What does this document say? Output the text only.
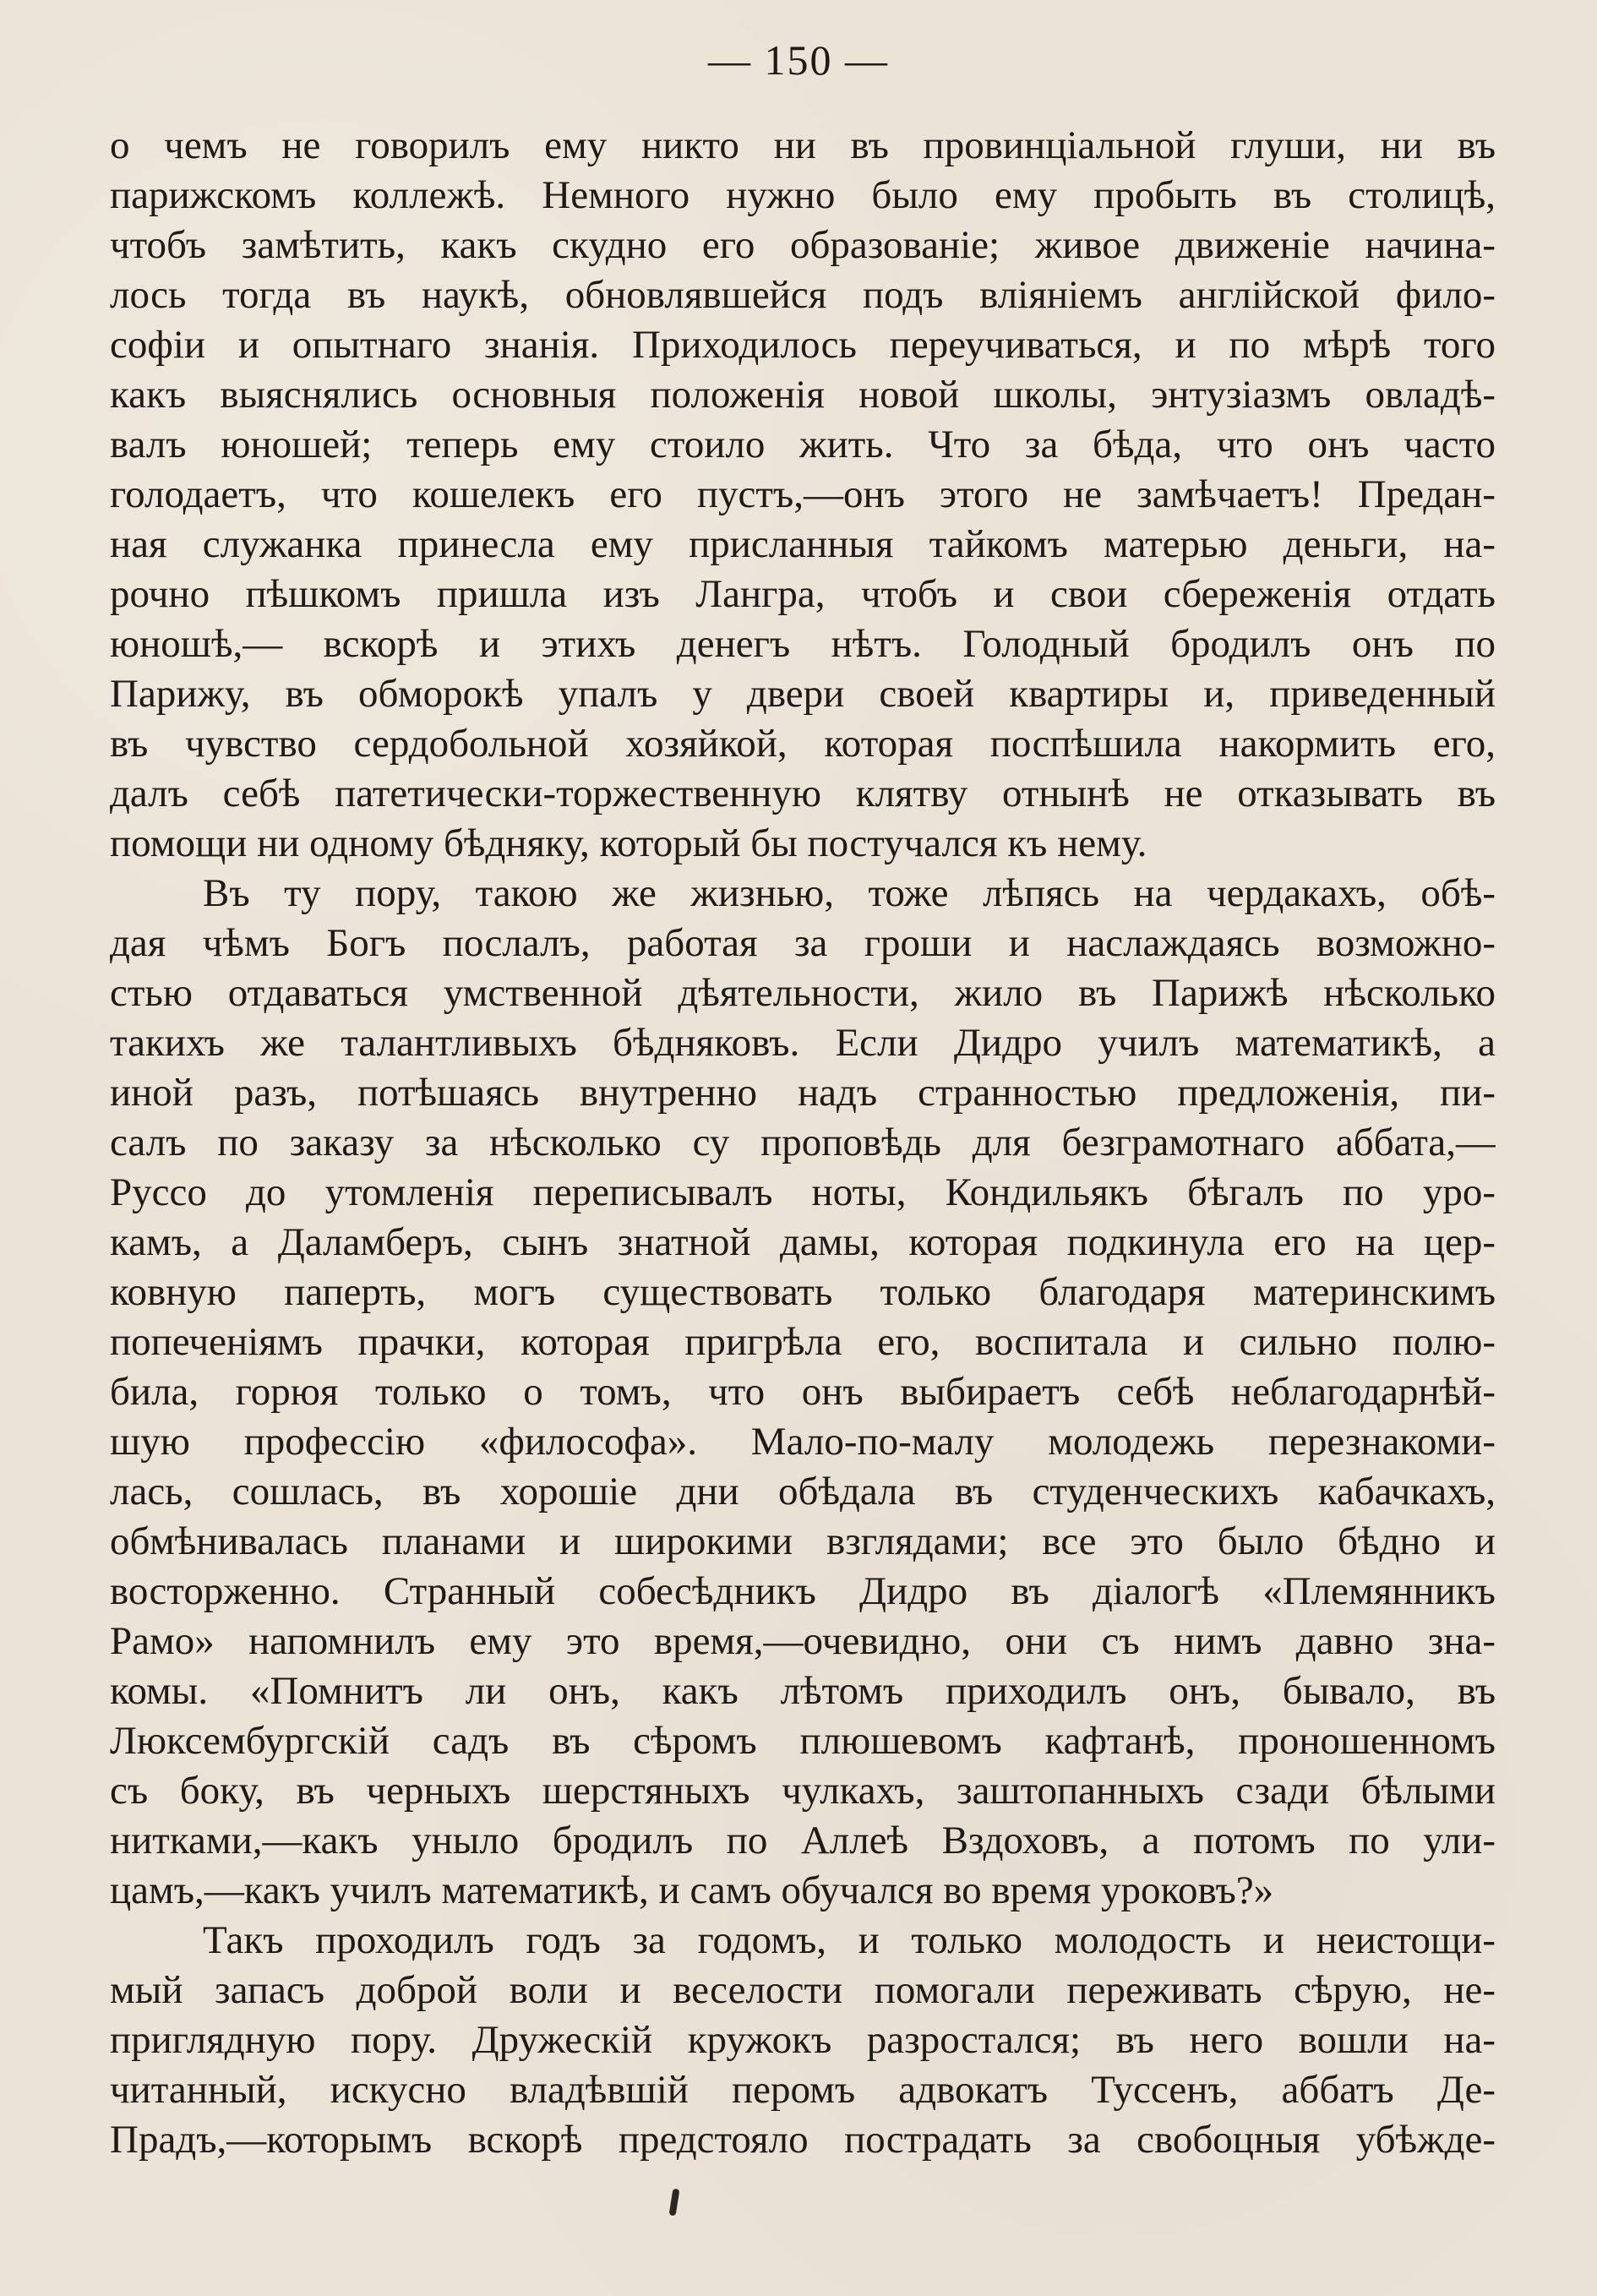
— 150 —

о чемъ не говорилъ ему никто ни въ провинціальной глуши, ни въ
парижскомъ коллежѣ. Немного нужно было ему пробыть въ столицѣ,
чтобъ замѣтить, какъ скудно его образованіе; живое движеніе начина-
лось тогда въ наукѣ, обновлявшейся подъ вліяніемъ англійской фило-
софіи и опытнаго знанія. Приходилось переучиваться, и по мѣрѣ того
какъ выяснялись основныя положенія новой школы, энтузіазмъ овладѣ-
валъ юношей; теперь ему стоило жить. Что за бѣда, что онъ часто
голодаетъ, что кошелекъ его пустъ,—онъ этого не замѣчаетъ! Предан-
ная служанка принесла ему присланныя тайкомъ матерью деньги, на-
рочно пѣшкомъ пришла изъ Лангра, чтобъ и свои сбереженія отдать
юношѣ,— вскорѣ и этихъ денегъ нѣтъ. Голодный бродилъ онъ по
Парижу, въ обморокѣ упалъ у двери своей квартиры и, приведенный
въ чувство сердобольной хозяйкой, которая поспѣшила накормить его,
далъ себѣ патетически-торжественную клятву отнынѣ не отказывать въ
помощи ни одному бѣдняку, который бы постучался къ нему.

Въ ту пору, такою же жизнью, тоже лѣпясь на чердакахъ, обѣ-
дая чѣмъ Богъ послалъ, работая за гроши и наслаждаясь возможно-
стью отдаваться умственной дѣятельности, жило въ Парижѣ нѣсколько
такихъ же талантливыхъ бѣдняковъ. Если Дидро училъ математикѣ, а
иной разъ, потѣшаясь внутренно надъ странностью предложенія, пи-
салъ по заказу за нѣсколько су проповѣдь для безграмотнаго аббата,—
Руссо до утомленія переписывалъ ноты, Кондильякъ бѣгалъ по уро-
камъ, а Даламберъ, сынъ знатной дамы, которая подкинула его на цер-
ковную паперть, могъ существовать только благодаря материнскимъ
попеченіямъ прачки, которая пригрѣла его, воспитала и сильно полю-
била, горюя только о томъ, что онъ выбираетъ себѣ неблагодарнѣй-
шую профессію «философа». Мало-по-малу молодежь перезнакоми-
лась, сошлась, въ хорошіе дни обѣдала въ студенческихъ кабачкахъ,
обмѣнивалась планами и широкими взглядами; все это было бѣдно и
восторженно. Странный собесѣдникъ Дидро въ діалогѣ «Племянникъ
Рамо» напомнилъ ему это время,—очевидно, они съ нимъ давно зна-
комы. «Помнитъ ли онъ, какъ лѣтомъ приходилъ онъ, бывало, въ
Люксембургскій садъ въ сѣромъ плюшевомъ кафтанѣ, проношенномъ
съ боку, въ черныхъ шерстяныхъ чулкахъ, заштопанныхъ сзади бѣлыми
нитками,—какъ уныло бродилъ по Аллеѣ Вздоховъ, а потомъ по ули-
цамъ,—какъ училъ математикѣ, и самъ обучался во время уроковъ?»

Такъ проходилъ годъ за годомъ, и только молодость и неистощи-
мый запасъ доброй воли и веселости помогали переживать сѣрую, не-
приглядную пору. Дружескій кружокъ разростался; въ него вошли на-
читанный, искусно владѣвшій перомъ адвокатъ Туссенъ, аббатъ Де-
Прадъ,—которымъ вскорѣ предстояло пострадать за свобоцныя убѣжде-
